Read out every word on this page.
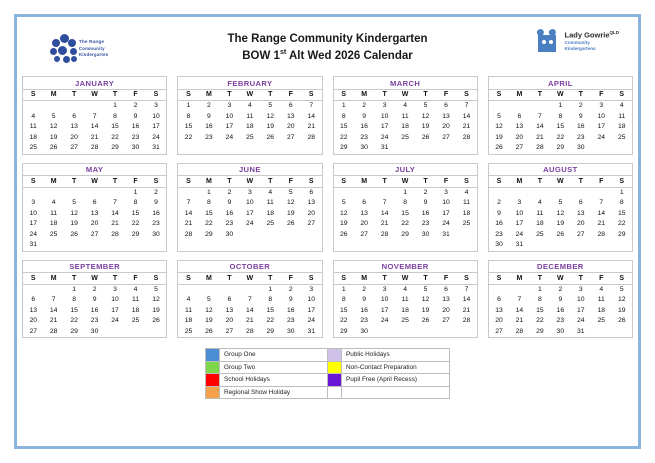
The Range
Community Kindergarten
The Range Community Kindergarten
BOW 1st Alt Wed 2026 Calendar
Lady Gowrie$^{QLD}$
Community
Kindergartens
JANUARY
S	M	T	W	T	F	S
				1	2	3
4	5	6	7	8	9	10
11	12	13	14	15	16	17
18	19	20	21	22	23	24
25	26	27	28	29	30	31
FEBRUARY
S	M	T	W	T	F	S
1	2	3	4	5	6	7
8	9	10	11	12	13	14
15	16	17	18	19	20	21
22	23	24	25	26	27	28

MARCH
S	M	T	W	T	F	S
1	2	3	4	5	6	7
8	9	10	11	12	13	14
15	16	17	18	19	20	21
22	23	24	25	26	27	28
29	30	31				
APRIL
S	M	T	W	T	F	S
			1	2	3	4
5	6	7	8	9	10	11
12	13	14	15	16	17	18
19	20	21	22	23	24	25
26	27	28	29	30		
MAY
S	M	T	W	T	F	S
					1	2
3	4	5	6	7	8	9
10	11	12	13	14	15	16
17	18	19	20	21	22	23
24	25	26	27	28	29	30
31						
JUNE
S	M	T	W	T	F	S
	1	2	3	4	5	6
7	8	9	10	11	12	13
14	15	16	17	18	19	20
21	22	23	24	25	26	27
28	29	30				
JULY
S	M	T	W	T	F	S
			1	2	3	4
5	6	7	8	9	10	11
12	13	14	15	16	17	18
19	20	21	22	23	24	25
26	27	28	29	30	31	
AUGUST
S	M	T	W	T	F	S
						1
2	3	4	5	6	7	8
9	10	11	12	13	14	15
16	17	18	19	20	21	22
23	24	25	26	27	28	29
30	31					
SEPTEMBER
S	M	T	W	T	F	S
		1	2	3	4	5
6	7	8	9	10	11	12
13	14	15	16	17	18	19
20	21	22	23	24	25	26
27	28	29	30			
OCTOBER
S	M	T	W	T	F	S
				1	2	3
4	5	6	7	8	9	10
11	12	13	14	15	16	17
18	19	20	21	22	23	24
25	26	27	28	29	30	31
NOVEMBER
S	M	T	W	T	F	S
1	2	3	4	5	6	7
8	9	10	11	12	13	14
15	16	17	18	19	20	21
22	23	24	25	26	27	28
29	30					
DECEMBER
S	M	T	W	T	F	S
		1	2	3	4	5
6	7	8	9	10	11	12
13	14	15	16	17	18	19
20	21	22	23	24	25	26
27	28	29	30	31		
Group One	Public Holidays
Group Two	Non-Contact Preparation
School Holidays	Pupil Free (April Recess)
Regional Show Holiday
